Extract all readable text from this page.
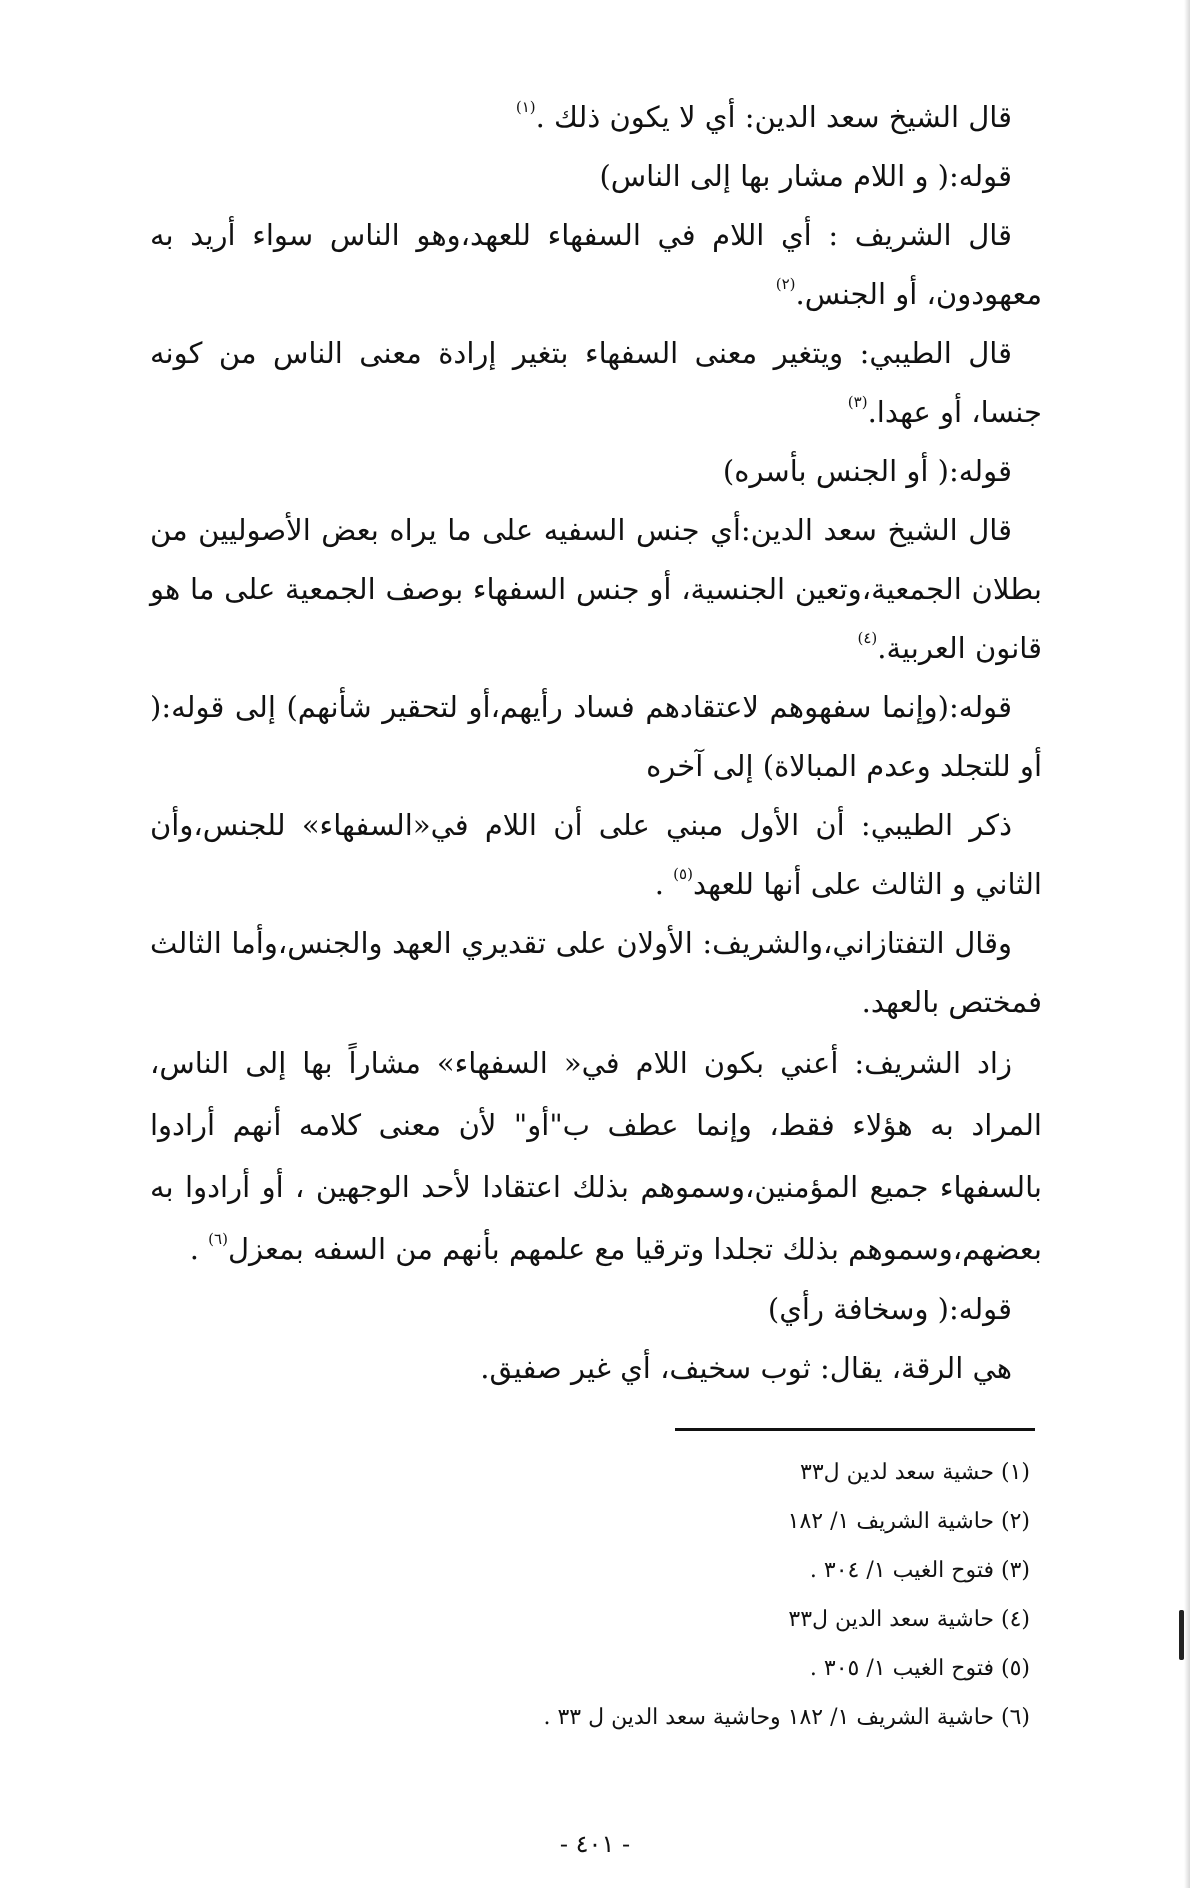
قال الشيخ سعد الدين: أي لا يكون ذلك .$^{(١)}$

قوله:( و اللام مشار بها إلى الناس)

قال الشريف : أي اللام في السفهاء للعهد،وهو الناس سواء أريد به معهودون، أو الجنس.$^{(٢)}$

قال الطيبي: ويتغير معنى السفهاء بتغير إرادة معنى الناس من كونه جنسا، أو عهدا.$^{(٣)}$

قوله:( أو الجنس بأسره)

قال الشيخ سعد الدين:أي جنس السفيه على ما يراه بعض الأصوليين من بطلان الجمعية،وتعين الجنسية، أو جنس السفهاء بوصف الجمعية على ما هو قانون العربية.$^{(٤)}$

قوله:(وإنما سفهوهم لاعتقادهم فساد رأيهم،أو لتحقير شأنهم) إلى قوله:( أو للتجلد وعدم المبالاة) إلى آخره

ذكر الطيبي: أن الأول مبني على أن اللام في«السفهاء» للجنس،وأن الثاني و الثالث على أنها للعهد$^{(٥)}$ .

وقال التفتازاني،والشريف: الأولان على تقديري العهد والجنس،وأما الثالث فمختص بالعهد.

زاد الشريف: أعني بكون اللام في« السفهاء» مشاراً بها إلى الناس، المراد به هؤلاء فقط، وإنما عطف ب"أو" لأن معنى كلامه أنهم أرادوا بالسفهاء جميع المؤمنين،وسموهم بذلك اعتقادا لأحد الوجهين ، أو أرادوا به بعضهم،وسموهم بذلك تجلدا وترقيا مع علمهم بأنهم من السفه بمعزل$^{(٦)}$ .

قوله:( وسخافة رأي)

هي الرقة، يقال: ثوب سخيف، أي غير صفيق.

(١) حشية سعد لدين ل٣٣
(٢) حاشية الشريف ١/ ١٨٢
(٣) فتوح الغيب ١/ ٣٠٤ .
(٤) حاشية سعد الدين ل٣٣
(٥) فتوح الغيب ١/ ٣٠٥ .
(٦) حاشية الشريف ١/ ١٨٢ وحاشية سعد الدين ل ٣٣ .
- ٤٠١ -
